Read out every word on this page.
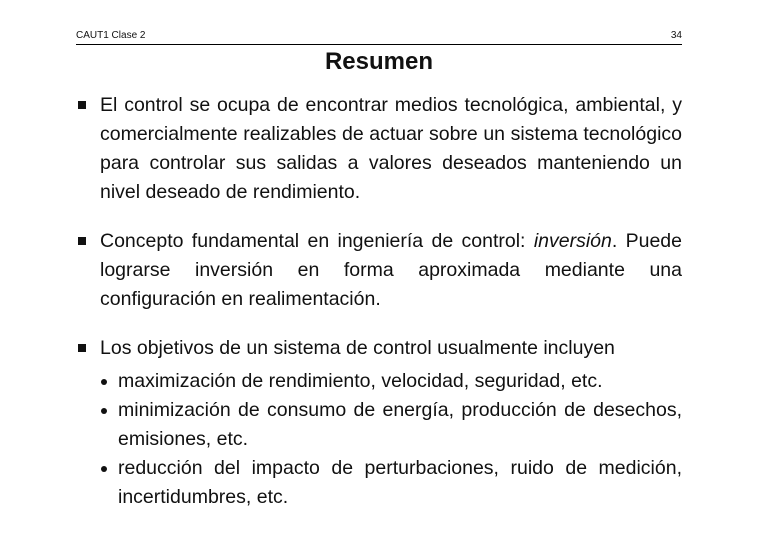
CAUT1 Clase 2	34
Resumen
El control se ocupa de encontrar medios tecnológica, ambiental, y comercialmente realizables de actuar sobre un sistema tecnológico para controlar sus salidas a valores deseados manteniendo un nivel deseado de rendimiento.
Concepto fundamental en ingeniería de control: inversión. Puede lograrse inversión en forma aproximada mediante una configuración en realimentación.
Los objetivos de un sistema de control usualmente incluyen
maximización de rendimiento, velocidad, seguridad, etc.
minimización de consumo de energía, producción de desechos, emisiones, etc.
reducción del impacto de perturbaciones, ruido de medición, incertidumbres, etc.
